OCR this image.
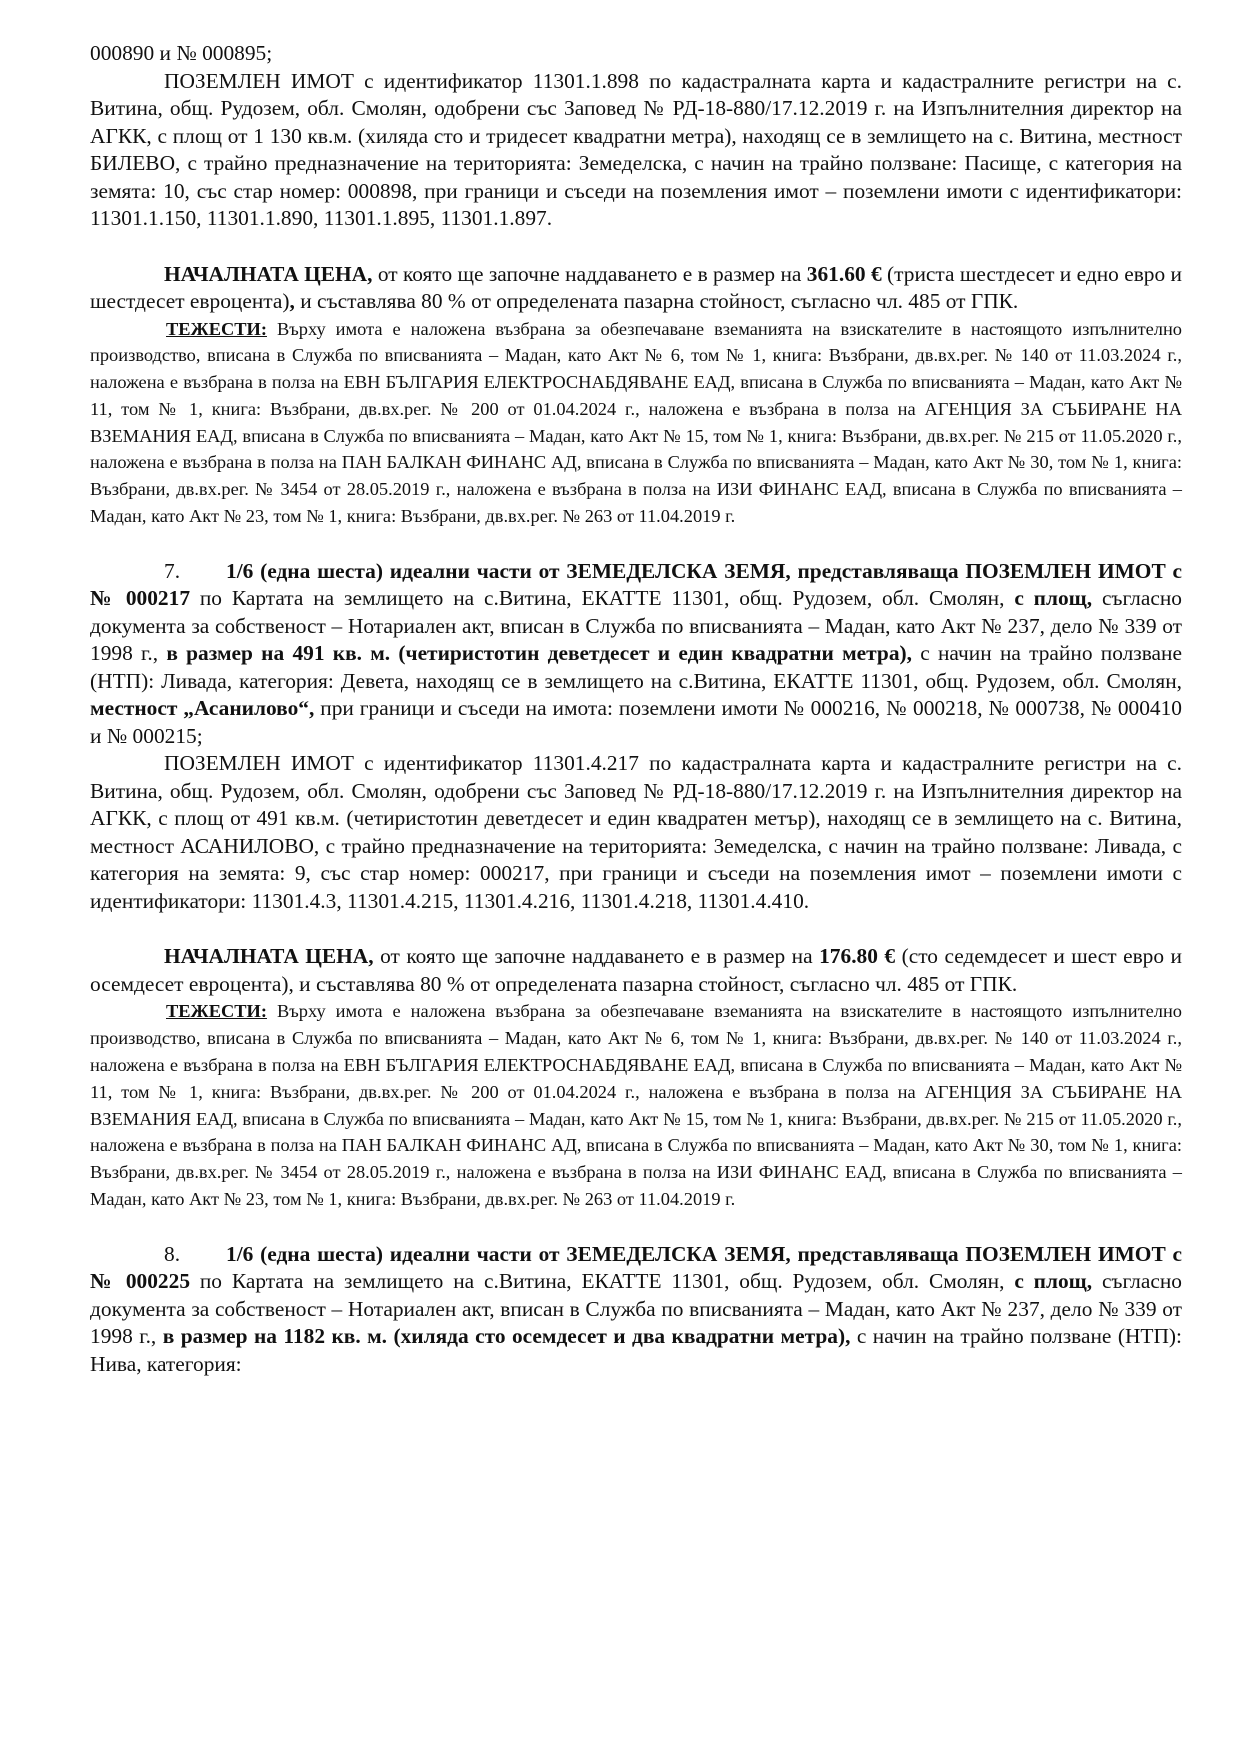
000890 и № 000895;

ПОЗЕМЛЕН ИМОТ с идентификатор 11301.1.898 по кадастралната карта и кадастралните регистри на с. Витина, общ. Рудозем, обл. Смолян, одобрени със Заповед № РД-18-880/17.12.2019 г. на Изпълнителния директор на АГКК, с площ от 1 130 кв.м. (хиляда сто и тридесет квадратни метра), находящ се в землището на с. Витина, местност БИЛЕВО, с трайно предназначение на територията: Земеделска, с начин на трайно ползване: Пасище, с категория на земята: 10, със стар номер: 000898, при граници и съседи на поземления имот – поземлени имоти с идентификатори: 11301.1.150, 11301.1.890, 11301.1.895, 11301.1.897.

НАЧАЛНАТА ЦЕНА, от която ще започне наддаването е в размер на 361.60 € (триста шестдесет и едно евро и шестдесет евроцента), и съставлява 80 % от определената пазарна стойност, съгласно чл. 485 от ГПК.

ТЕЖЕСТИ: Върху имота е наложена възбрана за обезпечаване вземанията на взискателите в настоящото изпълнително производство, вписана в Служба по вписванията – Мадан, като Акт № 6, том № 1, книга: Възбрани, дв.вх.рег. № 140 от 11.03.2024 г., наложена е възбрана в полза на ЕВН БЪЛГАРИЯ ЕЛЕКТРОСНАБДЯВАНЕ ЕАД, вписана в Служба по вписванията – Мадан, като Акт № 11, том № 1, книга: Възбрани, дв.вх.рег. № 200 от 01.04.2024 г., наложена е възбрана в полза на АГЕНЦИЯ ЗА СЪБИРАНЕ НА ВЗЕМАНИЯ ЕАД, вписана в Служба по вписванията – Мадан, като Акт № 15, том № 1, книга: Възбрани, дв.вх.рег. № 215 от 11.05.2020 г., наложена е възбрана в полза на ПАН БАЛКАН ФИНАНС АД, вписана в Служба по вписванията – Мадан, като Акт № 30, том № 1, книга: Възбрани, дв.вх.рег. № 3454 от 28.05.2019 г., наложена е възбрана в полза на ИЗИ ФИНАНС ЕАД, вписана в Служба по вписванията – Мадан, като Акт № 23, том № 1, книга: Възбрани, дв.вх.рег. № 263 от 11.04.2019 г.

7. 1/6 (една шеста) идеални части от ЗЕМЕДЕЛСКА ЗЕМЯ, представляваща ПОЗЕМЛЕН ИМОТ с № 000217 по Картата на землището на с.Витина, ЕКАТТЕ 11301, общ. Рудозем, обл. Смолян, с площ, съгласно документа за собственост – Нотариален акт, вписан в Служба по вписванията – Мадан, като Акт № 237, дело № 339 от 1998 г., в размер на 491 кв. м. (четиристотин деветдесет и един квадратни метра), с начин на трайно ползване (НТП): Ливада, категория: Девета, находящ се в землището на с.Витина, ЕКАТТЕ 11301, общ. Рудозем, обл. Смолян, местност „Асанилово“, при граници и съседи на имота: поземлени имоти № 000216, № 000218, № 000738, № 000410 и № 000215;

ПОЗЕМЛЕН ИМОТ с идентификатор 11301.4.217 по кадастралната карта и кадастралните регистри на с. Витина, общ. Рудозем, обл. Смолян, одобрени със Заповед № РД-18-880/17.12.2019 г. на Изпълнителния директор на АГКК, с площ от 491 кв.м. (четиристотин деветдесет и един квадратен метър), находящ се в землището на с. Витина, местност АСАНИЛОВО, с трайно предназначение на територията: Земеделска, с начин на трайно ползване: Ливада, с категория на земята: 9, със стар номер: 000217, при граници и съседи на поземления имот – поземлени имоти с идентификатори: 11301.4.3, 11301.4.215, 11301.4.216, 11301.4.218, 11301.4.410.

НАЧАЛНАТА ЦЕНА, от която ще започне наддаването е в размер на 176.80 € (сто седемдесет и шест евро и осемдесет евроцента), и съставлява 80 % от определената пазарна стойност, съгласно чл. 485 от ГПК.

ТЕЖЕСТИ: Върху имота е наложена възбрана за обезпечаване вземанията на взискателите в настоящото изпълнително производство, вписана в Служба по вписванията – Мадан, като Акт № 6, том № 1, книга: Възбрани, дв.вх.рег. № 140 от 11.03.2024 г., наложена е възбрана в полза на ЕВН БЪЛГАРИЯ ЕЛЕКТРОСНАБДЯВАНЕ ЕАД, вписана в Служба по вписванията – Мадан, като Акт № 11, том № 1, книга: Възбрани, дв.вх.рег. № 200 от 01.04.2024 г., наложена е възбрана в полза на АГЕНЦИЯ ЗА СЪБИРАНЕ НА ВЗЕМАНИЯ ЕАД, вписана в Служба по вписванията – Мадан, като Акт № 15, том № 1, книга: Възбрани, дв.вх.рег. № 215 от 11.05.2020 г., наложена е възбрана в полза на ПАН БАЛКАН ФИНАНС АД, вписана в Служба по вписванията – Мадан, като Акт № 30, том № 1, книга: Възбрани, дв.вх.рег. № 3454 от 28.05.2019 г., наложена е възбрана в полза на ИЗИ ФИНАНС ЕАД, вписана в Служба по вписванията – Мадан, като Акт № 23, том № 1, книга: Възбрани, дв.вх.рег. № 263 от 11.04.2019 г.

8. 1/6 (една шеста) идеални части от ЗЕМЕДЕЛСКА ЗЕМЯ, представляваща ПОЗЕМЛЕН ИМОТ с № 000225 по Картата на землището на с.Витина, ЕКАТТЕ 11301, общ. Рудозем, обл. Смолян, с площ, съгласно документа за собственост – Нотариален акт, вписан в Служба по вписванията – Мадан, като Акт № 237, дело № 339 от 1998 г., в размер на 1182 кв. м. (хиляда сто осемдесет и два квадратни метра), с начин на трайно ползване (НТП): Нива, категория:
